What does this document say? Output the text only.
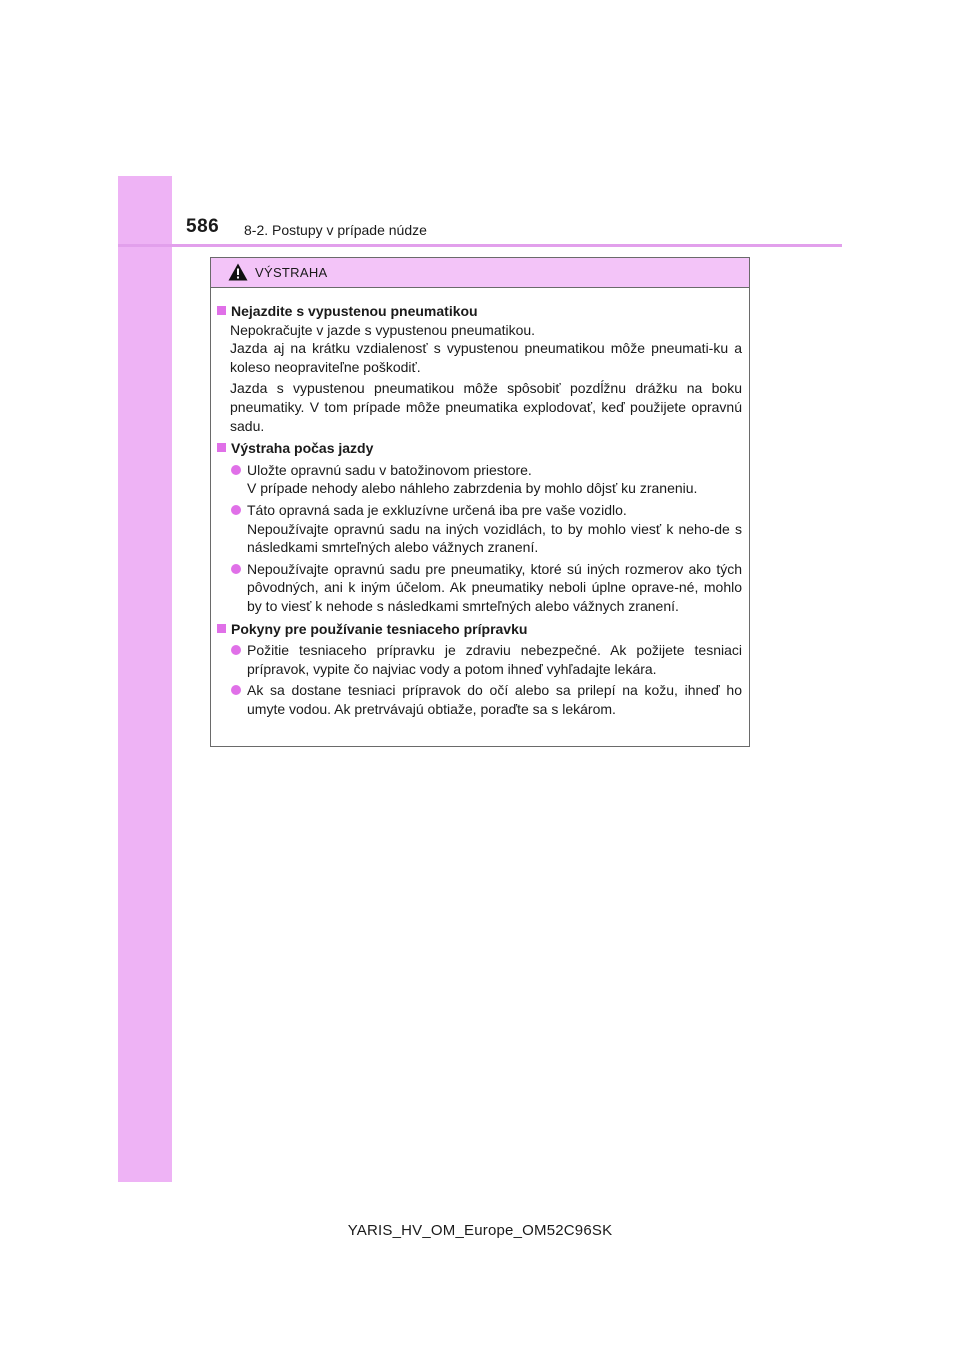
586 8-2. Postupy v prípade núdze
VÝSTRAHA
Nejazdite s vypustenou pneumatikou
Nepokračujte v jazde s vypustenou pneumatikou.
Jazda aj na krátku vzdialenosť s vypustenou pneumatikou môže pneumati-ku a koleso neopraviteľne poškodiť.
Jazda s vypustenou pneumatikou môže spôsobiť pozdĺžnu drážku na boku pneumatiky. V tom prípade môže pneumatika explodovať, keď použijete opravnú sadu.
Výstraha počas jazdy
Uložte opravnú sadu v batožinovom priestore.
V prípade nehody alebo náhleho zabrzdenia by mohlo dôjsť ku zraneniu.
Táto opravná sada je exkluzívne určená iba pre vaše vozidlo.
Nepoužívajte opravnú sadu na iných vozidlách, to by mohlo viesť k neho-de s následkami smrteľných alebo vážnych zranení.
Nepoužívajte opravnú sadu pre pneumatiky, ktoré sú iných rozmerov ako tých pôvodných, ani k iným účelom. Ak pneumatiky neboli úplne oprave-né, mohlo by to viesť k nehode s následkami smrteľných alebo vážnych zranení.
Pokyny pre používanie tesniaceho prípravku
Požitie tesniaceho prípravku je zdraviu nebezpečné. Ak požijete tesniaci prípravok, vypite čo najviac vody a potom ihneď vyhľadajte lekára.
Ak sa dostane tesniaci prípravok do očí alebo sa prilepí na kožu, ihneď ho umyte vodou. Ak pretrvávajú obtiaže, poraďte sa s lekárom.
YARIS_HV_OM_Europe_OM52C96SK
